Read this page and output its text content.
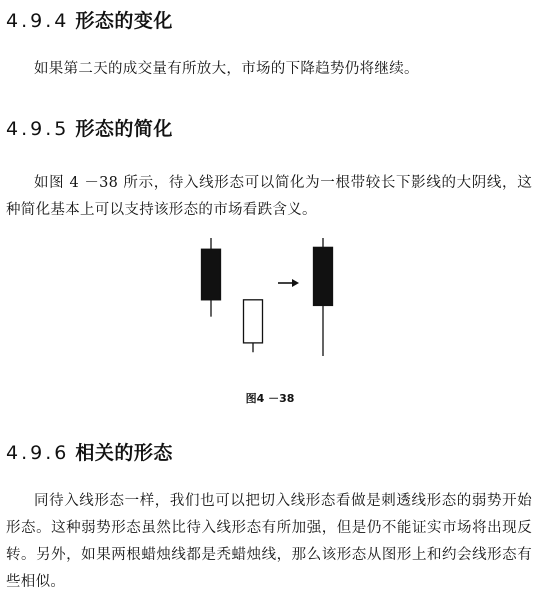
4.9.4 形态的变化

如果第二天的成交量有所放大，市场的下降趋势仍将继续。

4.9.5 形态的简化

如图 4 －38 所示，待入线形态可以简化为一根带较长下影线的大阴线，这种简化基本上可以支持该形态的市场看跌含义。

图4 －38

4.9.6 相关的形态

同待入线形态一样，我们也可以把切入线形态看做是刺透线形态的弱势开始形态。这种弱势形态虽然比待入线形态有所加强，但是仍不能证实市场将出现反转。另外，如果两根蜡烛线都是秃蜡烛线，那么该形态从图形上和约会线形态有些相似。
